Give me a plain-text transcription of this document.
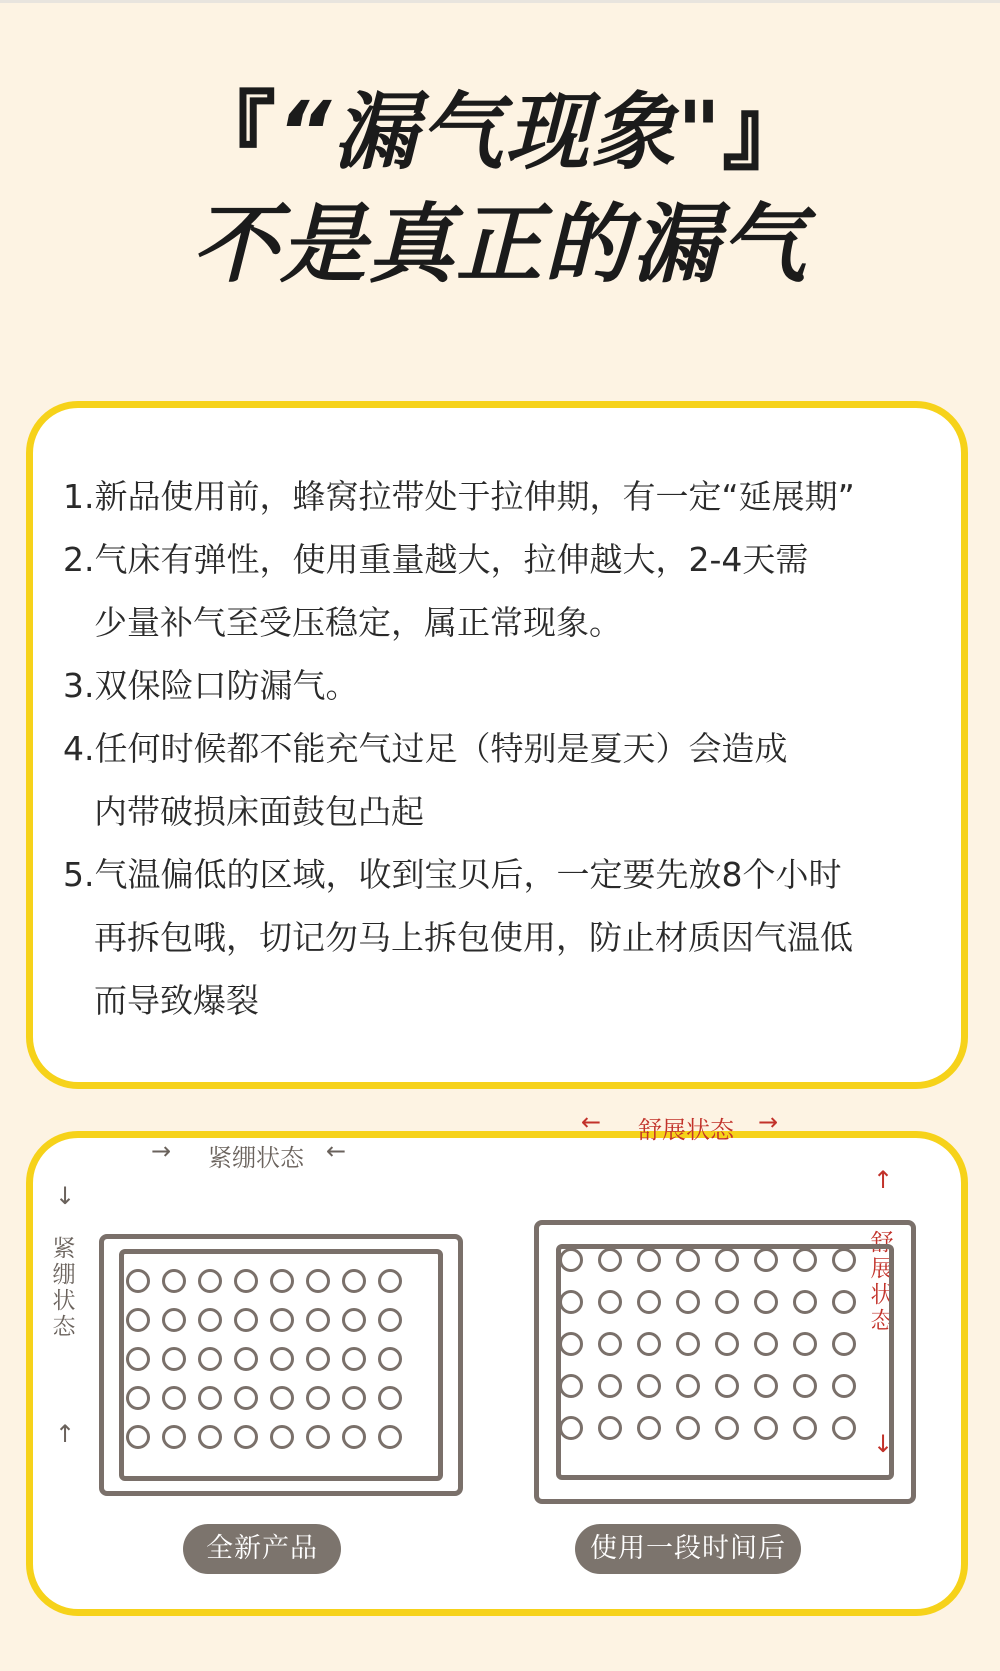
『“漏气现象"』
不是真正的漏气
1.新品使用前，蜂窝拉带处于拉伸期，有一定“延展期”
2.气床有弹性，使用重量越大，拉伸越大，2-4天需
少量补气至受压稳定，属正常现象。
3.双保险口防漏气。
4.任何时候都不能充气过足（特别是夏天）会造成
内带破损床面鼓包凸起
5.气温偏低的区域，收到宝贝后，一定要先放8个小时
再拆包哦，切记勿马上拆包使用，防止材质因气温低
而导致爆裂
→ 紧绷状态 ←
↓
紧
绷
状
态
↑
全新产品
← 舒展状态 →
↑
舒
展
状
态
↓
使用一段时间后
